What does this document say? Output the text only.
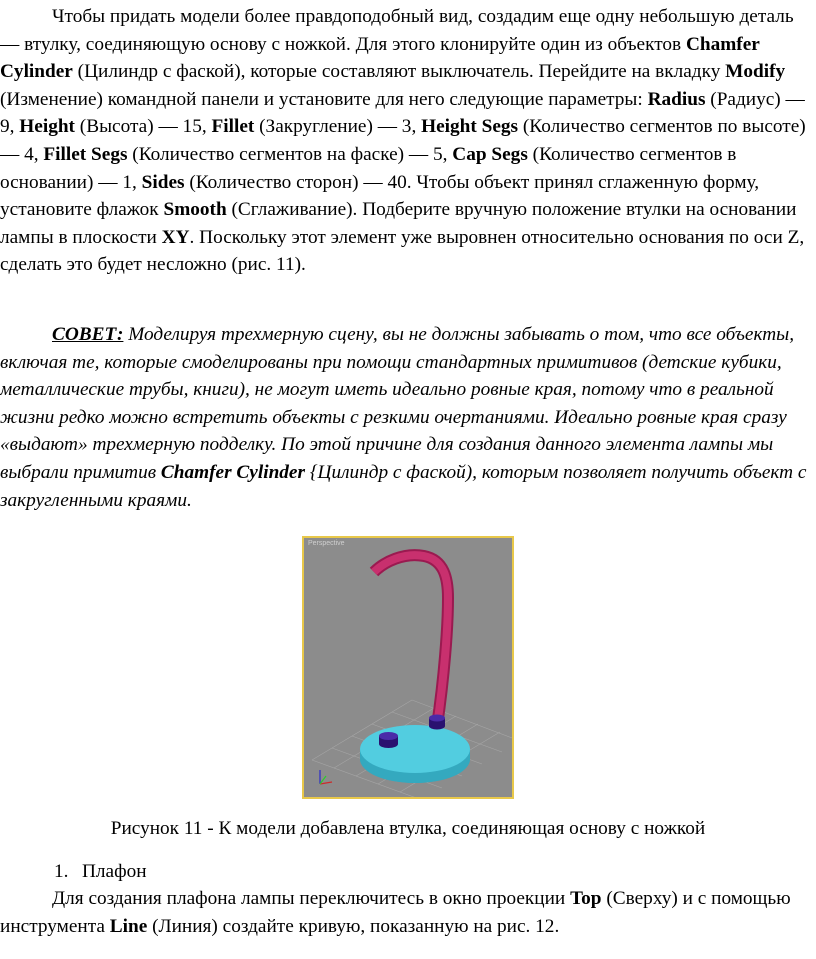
Чтобы придать модели более правдоподобный вид, создадим еще одну небольшую деталь — втулку, соединяющую основу с ножкой. Для этого клонируйте один из объектов Chamfer Cylinder (Цилиндр с фаской), которые составляют выключатель. Перейдите на вкладку Modify (Изменение) командной панели и установите для него следующие параметры: Radius (Радиус) — 9, Height (Высота) — 15, Fillet (Закругление) — 3, Height Segs (Количество сегментов по высоте) — 4, Fillet Segs (Количество сегментов на фаске) — 5, Cap Segs (Количество сегментов в основании) — 1, Sides (Количество сторон) — 40. Чтобы объект принял сглаженную форму, установите флажок Smooth (Сглаживание). Подберите вручную положение втулки на основании лампы в плоскости XY. Поскольку этот элемент уже выровнен относительно основания по оси Z, сделать это будет несложно (рис. 11).

СОВЕТ: Моделируя трехмерную сцену, вы не должны забывать о том, что все объекты, включая те, которые смоделированы при помощи стандартных примитивов (детские кубики, металлические трубы, книги), не могут иметь идеально ровные края, потому что в реальной жизни редко можно встретить объекты с резкими очертаниями. Идеально ровные края сразу «выдают» трехмерную подделку. По этой причине для создания данного элемента лампы мы выбрали примитив Chamfer Cylinder {Цилиндр с фаской), которым позволяет получить объект с закругленными краями.

Perspective

Рисунок 11 - К модели добавлена втулка, соединяющая основу с ножкой

1. Плафон

Для создания плафона лампы переключитесь в окно проекции Top (Сверху) и с помощью инструмента Line (Линия) создайте кривую, показанную на рис. 12.
